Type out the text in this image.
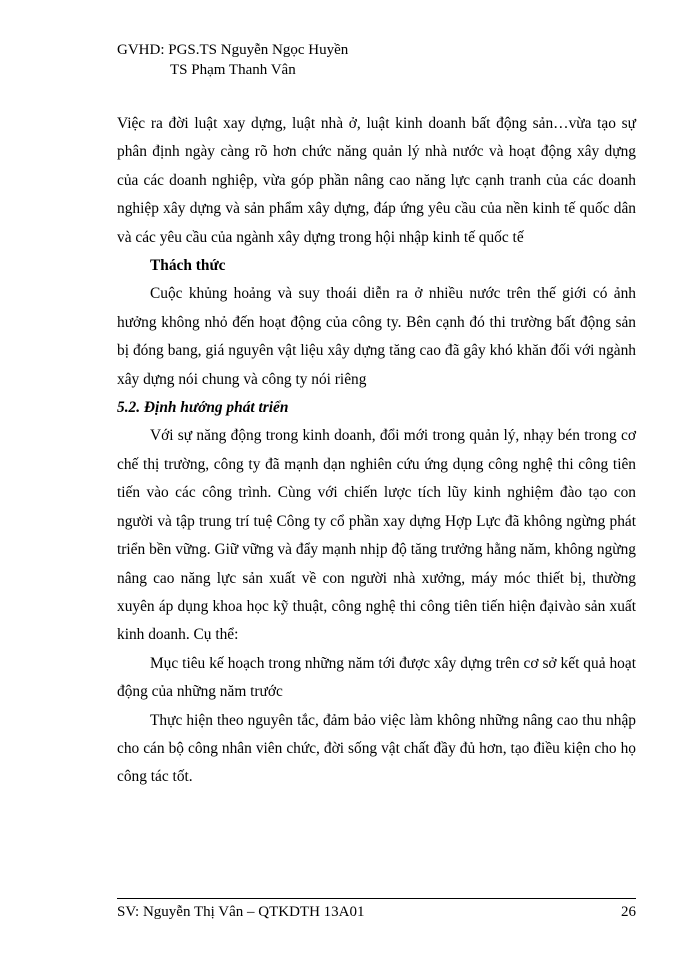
GVHD: PGS.TS Nguyễn Ngọc Huyền
TS Phạm Thanh Vân

Việc ra đời luật xay dựng, luật nhà ở, luật kinh doanh bất động sản…vừa tạo sự phân định ngày càng rõ hơn chức năng quản lý nhà nước và hoạt động xây dựng của các doanh nghiệp, vừa góp phần nâng cao năng lực cạnh tranh của các doanh nghiệp xây dựng và sản phẩm xây dựng, đáp ứng yêu cầu của nền kinh tế quốc dân và các yêu cầu của ngành xây dựng trong hội nhập kinh tế quốc tế

Thách thức

Cuộc khủng hoảng và suy thoái diễn ra ở nhiều nước trên thế giới có ảnh hưởng không nhỏ đến hoạt động của công ty. Bên cạnh đó thi trường bất động sản bị đóng bang, giá nguyên vật liệu xây dựng tăng cao đã gây khó khăn đối với ngành xây dựng nói chung và công ty nói riêng

5.2. Định hướng phát triển

Với sự năng động trong kinh doanh, đổi mới trong quản lý, nhạy bén trong cơ chế thị trường, công ty đã mạnh dạn nghiên cứu ứng dụng công nghệ thi công tiên tiến vào các công trình. Cùng với chiến lược tích lũy kinh nghiệm đào tạo con người và tập trung trí tuệ Công ty cổ phần xay dựng Hợp Lực đã không ngừng phát triển bền vững. Giữ vững và đẩy mạnh nhịp độ tăng trưởng hằng năm, không ngừng nâng cao năng lực sản xuất về con người nhà xưởng, máy móc thiết bị, thường xuyên áp dụng khoa học kỹ thuật, công nghệ thi công tiên tiến hiện đạivào sản xuất kinh doanh. Cụ thể:

Mục tiêu kế hoạch trong những năm tới được xây dựng trên cơ sở kết quả hoạt động của những năm trước

Thực hiện theo nguyên tắc, đảm bảo việc làm không những nâng cao thu nhập cho cán bộ công nhân viên chức, đời sống vật chất đầy đủ hơn, tạo điều kiện cho họ công tác tốt.

SV: Nguyễn Thị Vân – QTKDTH 13A01	26
